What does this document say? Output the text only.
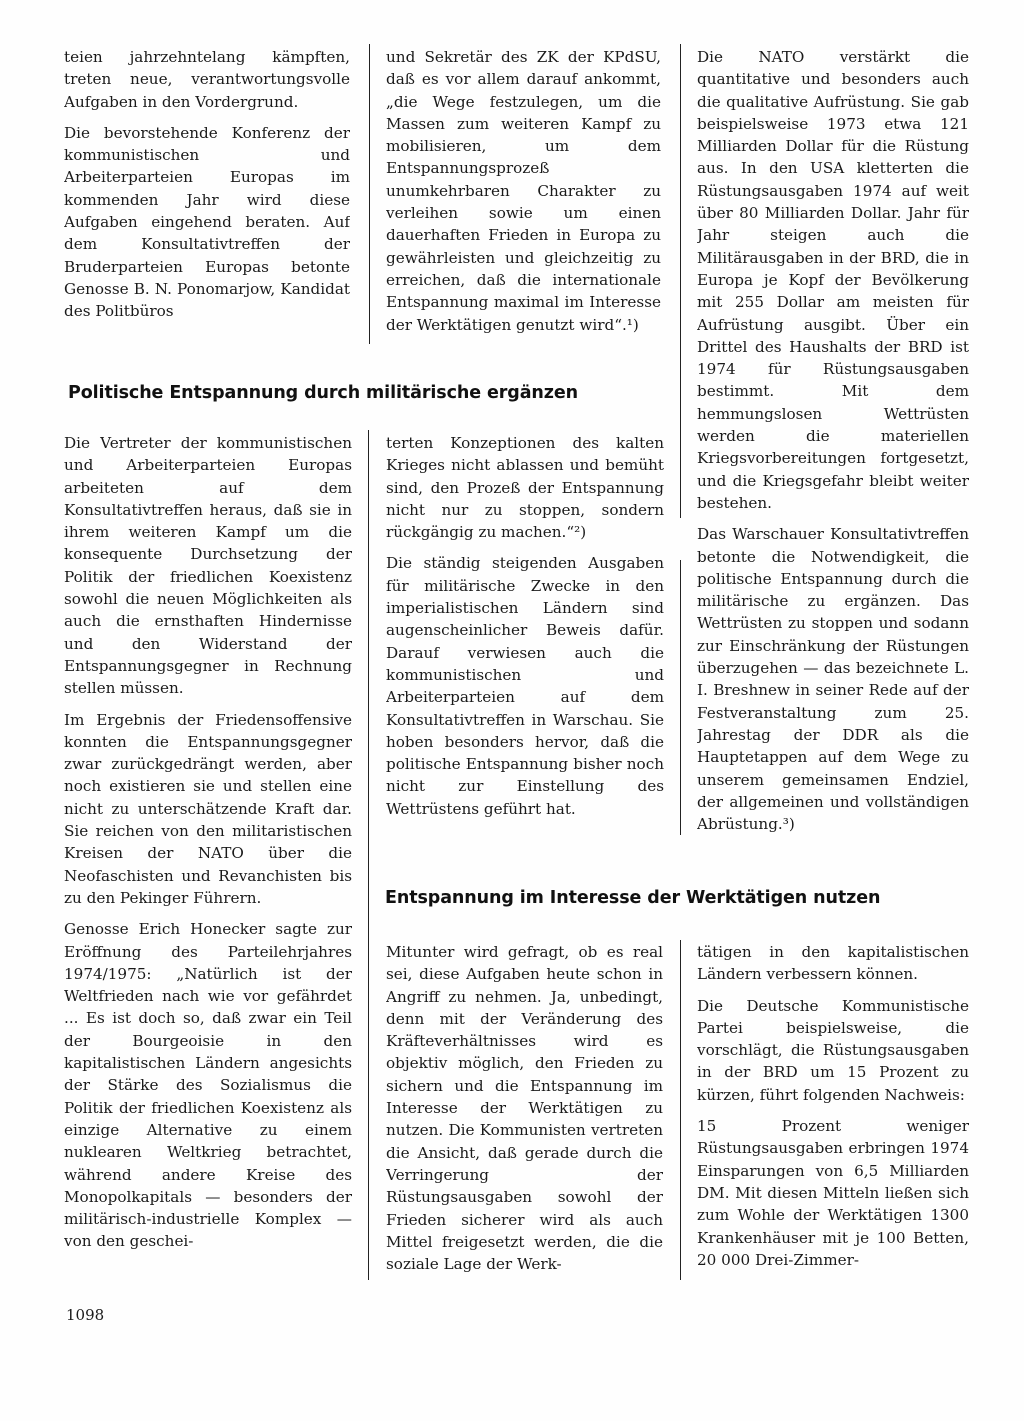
teien jahrzehntelang kämpften, treten neue, verantwortungsvolle Aufgaben in den Vordergrund.

Die bevorstehende Konferenz der kommunistischen und Arbeiterparteien Europas im kommenden Jahr wird diese Aufgaben eingehend beraten. Auf dem Konsultativtreffen der Bruderparteien Europas betonte Genosse B. N. Ponomarjow, Kandidat des Politbüros

und Sekretär des ZK der KPdSU, daß es vor allem darauf ankommt, „die Wege festzulegen, um die Massen zum weiteren Kampf zu mobilisieren, um dem Entspannungsprozeß unumkehrbaren Charakter zu verleihen sowie um einen dauerhaften Frieden in Europa zu gewährleisten und gleichzeitig zu erreichen, daß die internationale Entspannung maximal im Interesse der Werktätigen genutzt wird“.¹)

Die NATO verstärkt die quantitative und besonders auch die qualitative Aufrüstung. Sie gab beispielsweise 1973 etwa 121 Milliarden Dollar für die Rüstung aus. In den USA kletterten die Rüstungsausgaben 1974 auf weit über 80 Milliarden Dollar. Jahr für Jahr steigen auch die Militärausgaben in der BRD, die in Europa je Kopf der Bevölkerung mit 255 Dollar am meisten für Aufrüstung ausgibt. Über ein Drittel des Haushalts der BRD ist 1974 für Rüstungsausgaben bestimmt. Mit dem hemmungslosen Wettrüsten werden die materiellen Kriegsvorbereitungen fortgesetzt, und die Kriegsgefahr bleibt weiter bestehen.

Das Warschauer Konsultativtreffen betonte die Notwendigkeit, die politische Entspannung durch die militärische zu ergänzen. Das Wettrüsten zu stoppen und sodann zur Einschränkung der Rüstungen überzugehen — das bezeichnete L. I. Breshnew in seiner Rede auf der Festveranstaltung zum 25. Jahrestag der DDR als die Hauptetappen auf dem Wege zu unserem gemeinsamen Endziel, der allgemeinen und vollständigen Abrüstung.³)

Politische Entspannung durch militärische ergänzen

Die Vertreter der kommunistischen und Arbeiterparteien Europas arbeiteten auf dem Konsultativtreffen heraus, daß sie in ihrem weiteren Kampf um die konsequente Durchsetzung der Politik der friedlichen Koexistenz sowohl die neuen Möglichkeiten als auch die ernsthaften Hindernisse und den Widerstand der Entspannungsgegner in Rechnung stellen müssen.

Im Ergebnis der Friedensoffensive konnten die Entspannungsgegner zwar zurückgedrängt werden, aber noch existieren sie und stellen eine nicht zu unterschätzende Kraft dar. Sie reichen von den militaristischen Kreisen der NATO über die Neofaschisten und Revanchisten bis zu den Pekinger Führern.

Genosse Erich Honecker sagte zur Eröffnung des Parteilehrjahres 1974/1975: „Natürlich ist der Weltfrieden nach wie vor gefährdet ... Es ist doch so, daß zwar ein Teil der Bourgeoisie in den kapitalistischen Ländern angesichts der Stärke des Sozialismus die Politik der friedlichen Koexistenz als einzige Alternative zu einem nuklearen Weltkrieg betrachtet, während andere Kreise des Monopolkapitals — besonders der militärisch-industrielle Komplex — von den geschei-

terten Konzeptionen des kalten Krieges nicht ablassen und bemüht sind, den Prozeß der Entspannung nicht nur zu stoppen, sondern rückgängig zu machen.“²)

Die ständig steigenden Ausgaben für militärische Zwecke in den imperialistischen Ländern sind augenscheinlicher Beweis dafür. Darauf verwiesen auch die kommunistischen und Arbeiterparteien auf dem Konsultativtreffen in Warschau. Sie hoben besonders hervor, daß die politische Entspannung bisher noch nicht zur Einstellung des Wettrüstens geführt hat.

Entspannung im Interesse der Werktätigen nutzen

Mitunter wird gefragt, ob es real sei, diese Aufgaben heute schon in Angriff zu nehmen. Ja, unbedingt, denn mit der Veränderung des Kräfteverhältnisses wird es objektiv möglich, den Frieden zu sichern und die Entspannung im Interesse der Werktätigen zu nutzen. Die Kommunisten vertreten die Ansicht, daß gerade durch die Verringerung der Rüstungsausgaben sowohl der Frieden sicherer wird als auch Mittel freigesetzt werden, die die soziale Lage der Werk-

tätigen in den kapitalistischen Ländern verbessern können.

Die Deutsche Kommunistische Partei beispielsweise, die vorschlägt, die Rüstungsausgaben in der BRD um 15 Prozent zu kürzen, führt folgenden Nachweis:

15 Prozent weniger Rüstungsausgaben erbringen 1974 Einsparungen von 6,5 Milliarden DM. Mit diesen Mitteln ließen sich zum Wohle der Werktätigen 1300 Krankenhäuser mit je 100 Betten, 20 000 Drei-Zimmer-

1098
